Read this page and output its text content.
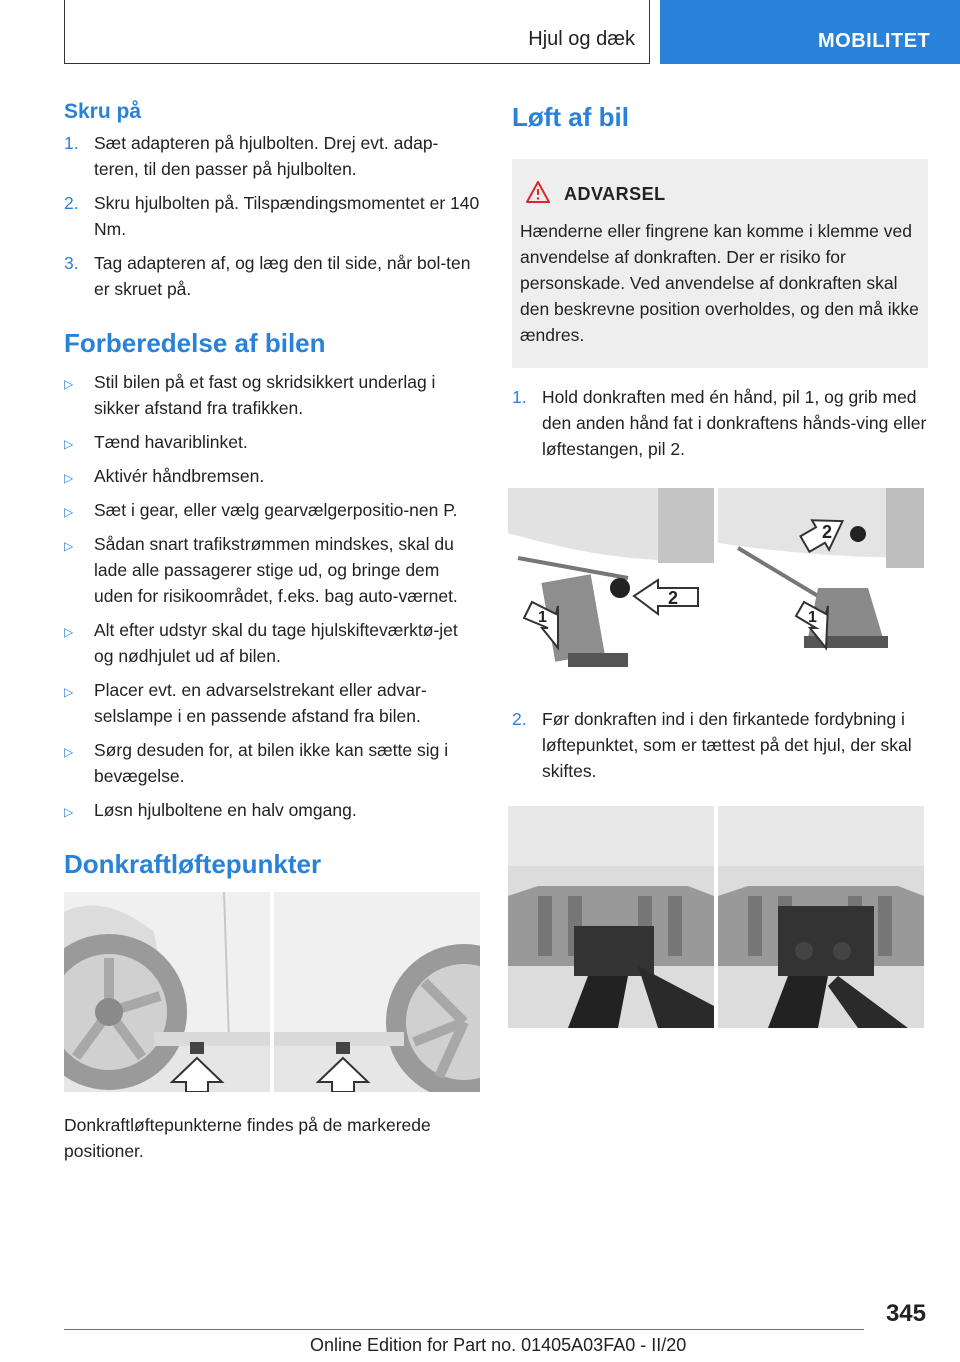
Hjul og dæk	MOBILITET
Skru på
1. Sæt adapteren på hjulbolten. Drej evt. adap-teren, til den passer på hjulbolten.
2. Skru hjulbolten på. Tilspændingsmomentet er 140 Nm.
3. Tag adapteren af, og læg den til side, når bol-ten er skruet på.
Forberedelse af bilen
▷ Stil bilen på et fast og skridsikkert underlag i sikker afstand fra trafikken.
▷ Tænd havariblinket.
▷ Aktivér håndbremsen.
▷ Sæt i gear, eller vælg gearvælgerpositio-nen P.
▷ Sådan snart trafikstrømmen mindskes, skal du lade alle passagerer stige ud, og bringe dem uden for risikoområdet, f.eks. bag auto-værnet.
▷ Alt efter udstyr skal du tage hjulskifteværktø-jet og nødhjulet ud af bilen.
▷ Placer evt. en advarselstrekant eller advar-selslampe i en passende afstand fra bilen.
▷ Sørg desuden for, at bilen ikke kan sætte sig i bevægelse.
▷ Løsn hjulboltene en halv omgang.
Donkraftløftepunkter

Donkraftløftepunkterne findes på de markerede positioner.

Løft af bil
ADVARSEL

Hænderne eller fingrene kan komme i klemme ved anvendelse af donkraften. Der er risiko for personskade. Ved anvendelse af donkraften skal den beskrevne position overholdes, og den må ikke ændres.

1. Hold donkraften med én hånd, pil 1, og grib med den anden hånd fat i donkraftens hånds-ving eller løftestangen, pil 2.
2
1
2
1
2. Før donkraften ind i den firkantede fordybning i løftepunktet, som er tættest på det hjul, der skal skiftes.
345
Online Edition for Part no. 01405A03FA0 - II/20
